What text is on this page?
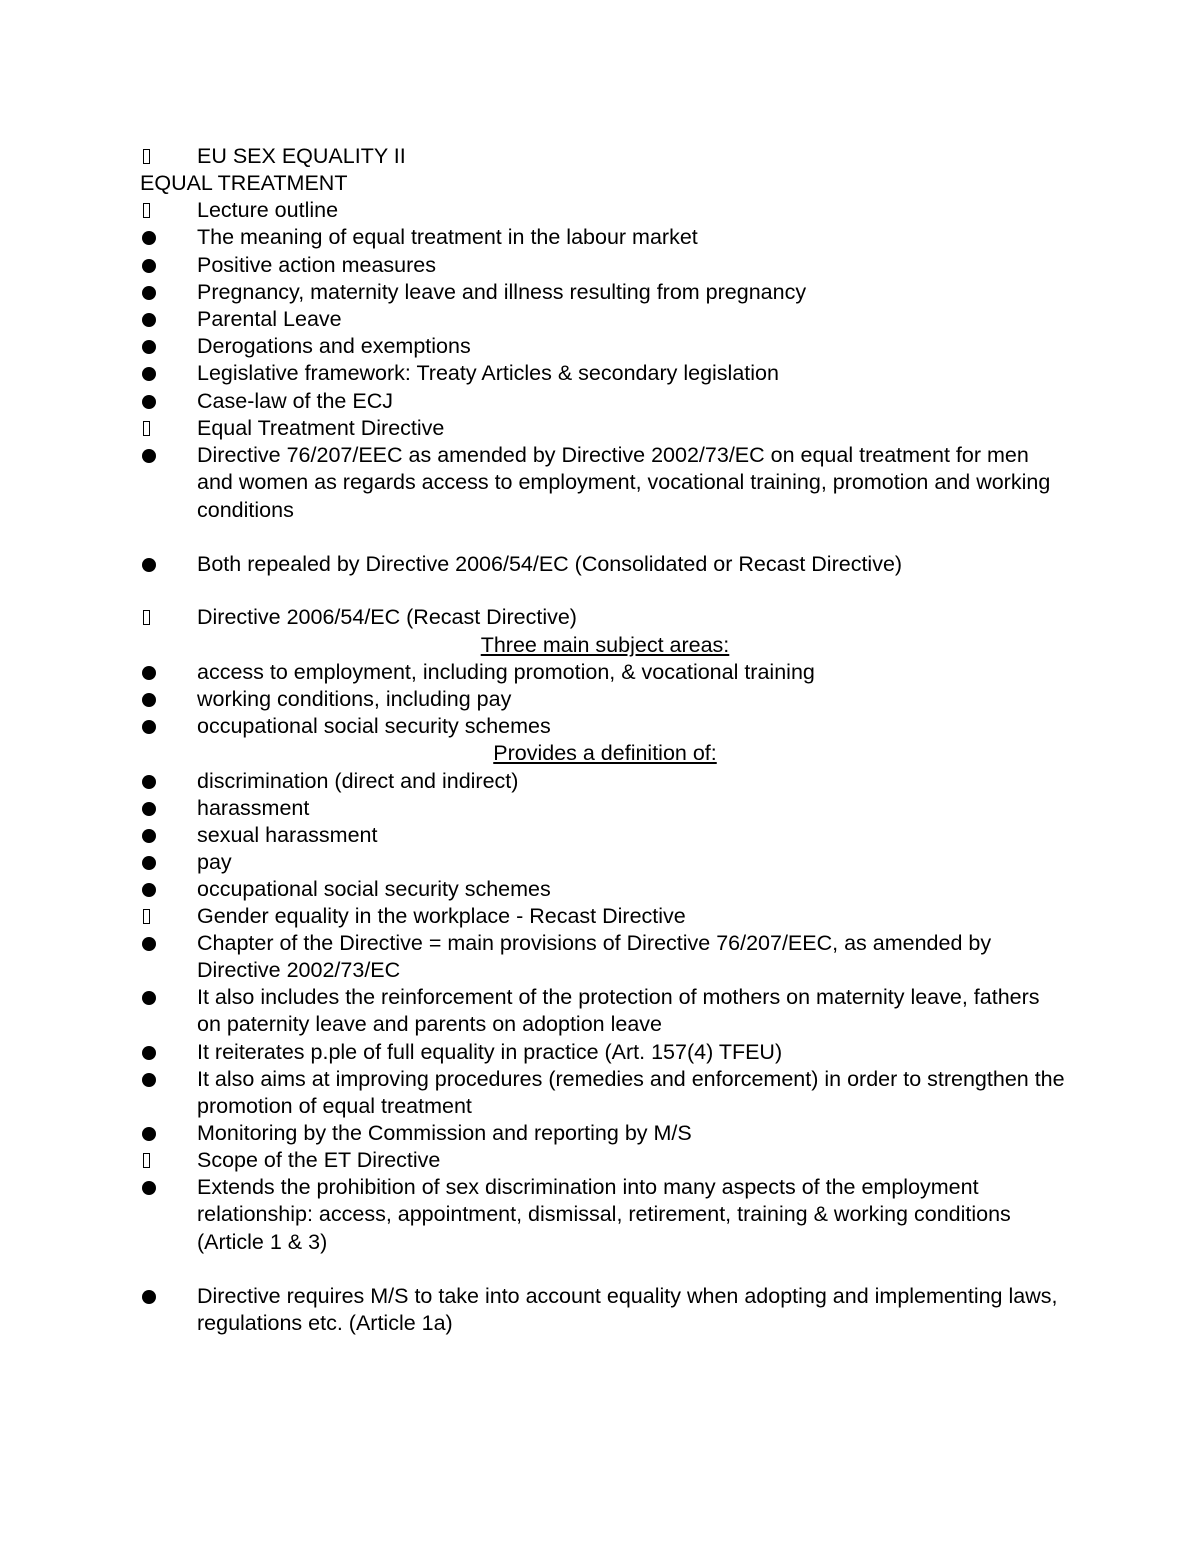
EU SEX EQUALITY II
EQUAL TREATMENT
Lecture outline
The meaning of equal treatment in the labour market
Positive action measures
Pregnancy, maternity leave and illness resulting from pregnancy
Parental Leave
Derogations and exemptions
Legislative framework: Treaty Articles & secondary legislation
Case-law of the ECJ
Equal Treatment Directive
Directive 76/207/EEC as amended by Directive 2002/73/EC on equal treatment for men and women as regards access to employment, vocational training, promotion and working conditions
Both repealed by Directive 2006/54/EC (Consolidated or Recast Directive)
Directive 2006/54/EC (Recast Directive)
Three main subject areas:
access to employment, including promotion, & vocational training
working conditions, including pay
occupational social security schemes
Provides a definition of:
discrimination (direct and indirect)
harassment
sexual harassment
pay
occupational social security schemes
Gender equality in the workplace - Recast Directive
Chapter of the Directive = main provisions of Directive 76/207/EEC, as amended by Directive 2002/73/EC
It also includes the reinforcement of the protection of mothers on maternity leave, fathers on paternity leave and parents on adoption leave
It reiterates p.ple of full equality in practice (Art. 157(4) TFEU)
It also aims at improving procedures (remedies and enforcement) in order to strengthen the promotion of equal treatment
Monitoring by the Commission and reporting by M/S
Scope of the ET Directive
Extends the prohibition of sex discrimination into many aspects of the employment relationship: access, appointment, dismissal, retirement, training & working conditions (Article 1 & 3)
Directive requires M/S to take into account equality when adopting and implementing laws, regulations etc. (Article 1a)
